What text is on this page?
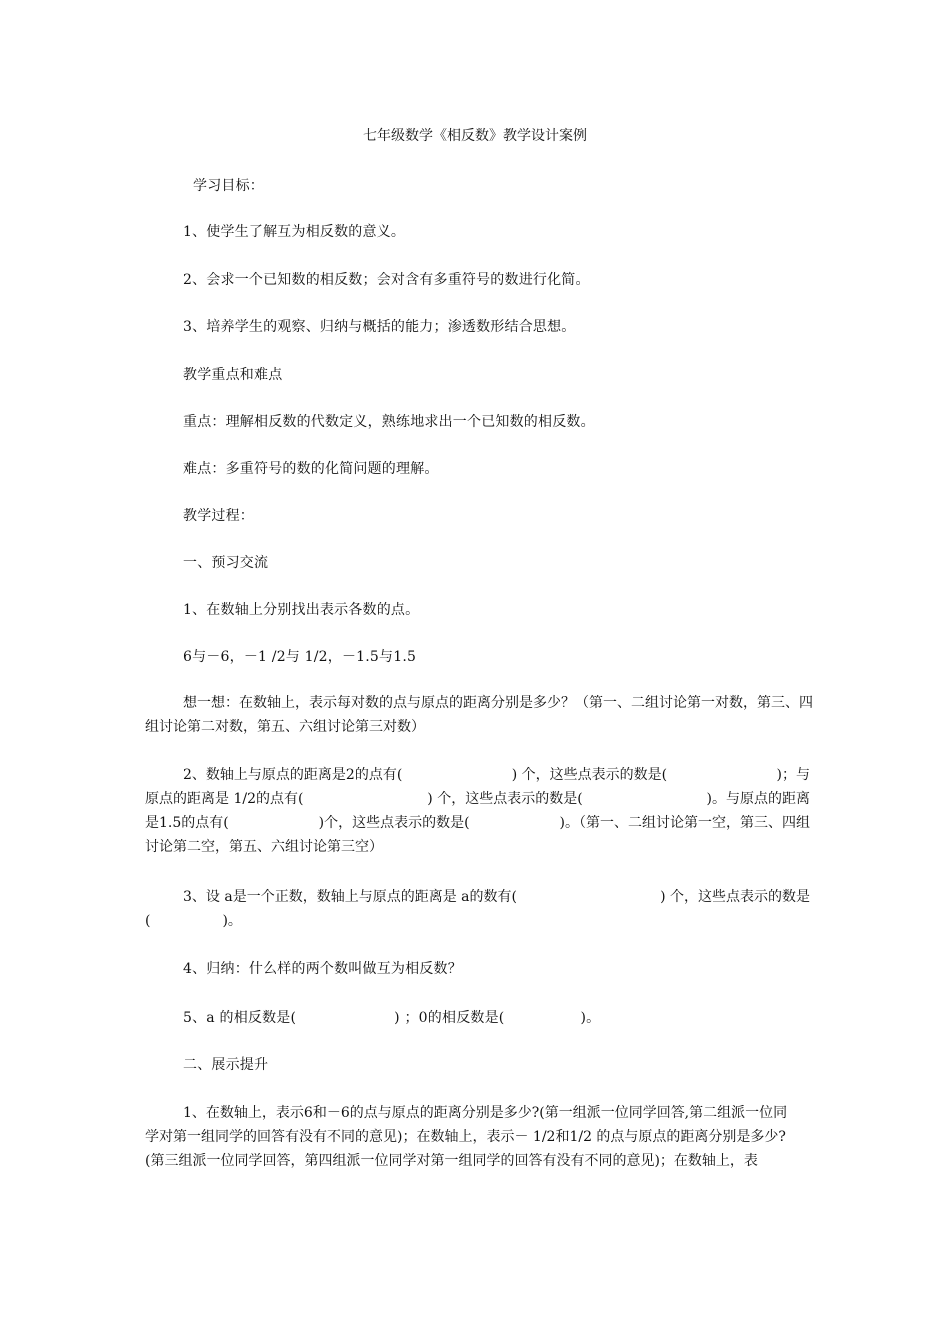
七年级数学《相反数》教学设计案例
学习目标：
1、使学生了解互为相反数的意义。
2、会求一个已知数的相反数；会对含有多重符号的数进行化简。
3、培养学生的观察、归纳与概括的能力；渗透数形结合思想。
教学重点和难点
重点：理解相反数的代数定义，熟练地求出一个已知数的相反数。
难点：多重符号的数的化简问题的理解。
教学过程：
一、预习交流
1、在数轴上分别找出表示各数的点。
6与－6，－1 /2与 1/2，－1.5与1.5
想一想：在数轴上，表示每对数的点与原点的距离分别是多少？（第一、二组讨论第一对数，第三、四
组讨论第二对数，第五、六组讨论第三对数）
2、数轴上与原点的距离是2的点有(	) 个，这些点表示的数是(	)；与
原点的距离是 1/2的点有(	) 个，这些点表示的数是(	)。与原点的距离
是1.5的点有(	)个，这些点表示的数是(	)。（第一、二组讨论第一空，第三、四组
讨论第二空，第五、六组讨论第三空）
3、设 a是一个正数，数轴上与原点的距离是 a的数有(	) 个，这些点表示的数是
(	)。
4、归纳：什么样的两个数叫做互为相反数？
5、a 的相反数是(	) ；0的相反数是(	)。
二、展示提升
1、在数轴上，表示6和－6的点与原点的距离分别是多少?(第一组派一位同学回答,第二组派一位同
学对第一组同学的回答有没有不同的意见)；在数轴上，表示－ 1/2和1/2 的点与原点的距离分别是多少?
(第三组派一位同学回答，第四组派一位同学对第一组同学的回答有没有不同的意见)；在数轴上，表
